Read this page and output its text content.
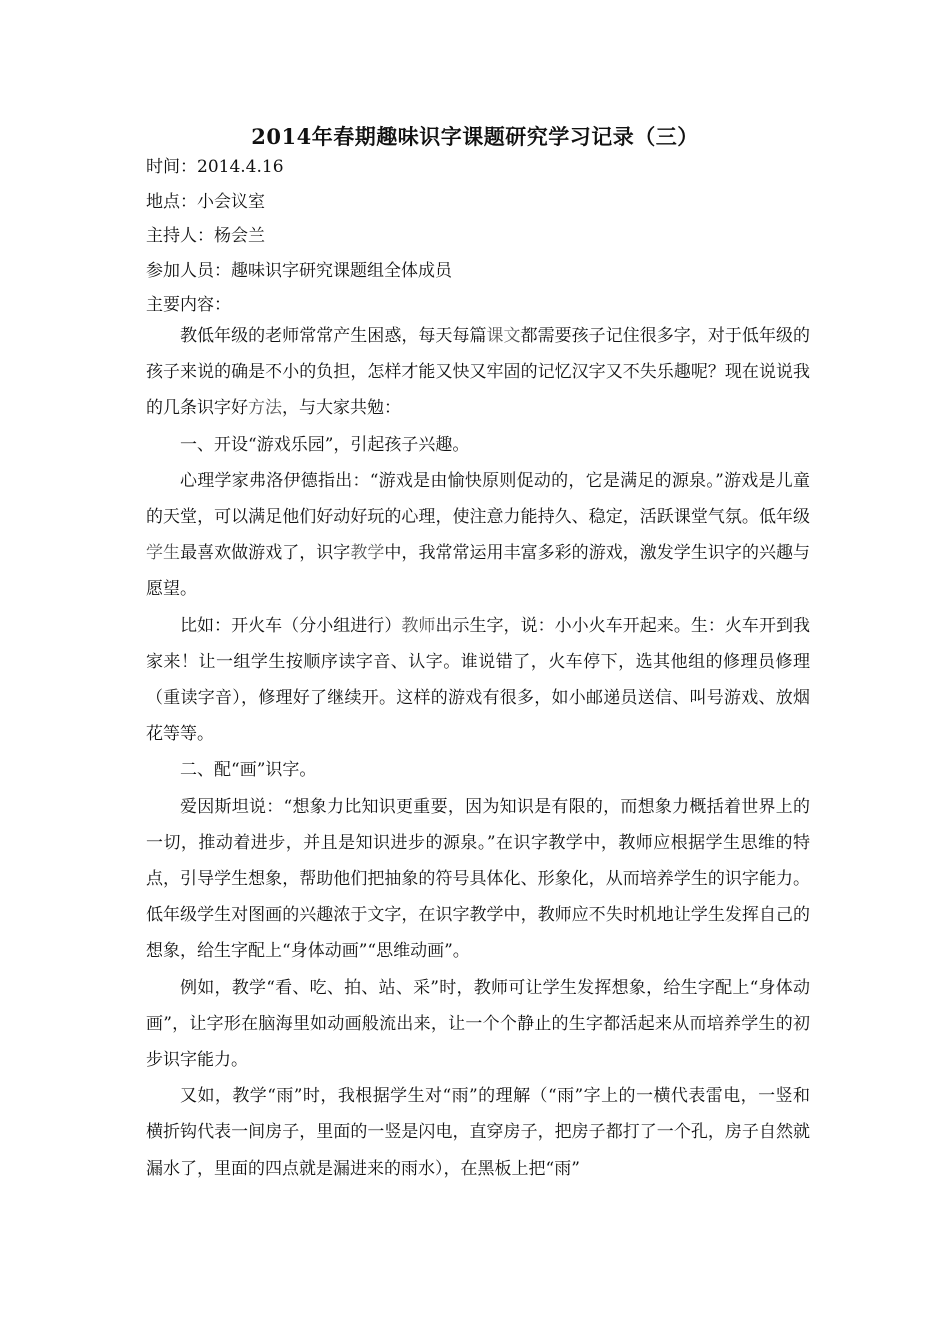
2014年春期趣味识字课题研究学习记录（三）
时间：2014.4.16
地点：小会议室
主持人：杨会兰
参加人员：趣味识字研究课题组全体成员
主要内容：

教低年级的老师常常产生困惑，每天每篇课文都需要孩子记住很多字，对于低年级的孩子来说的确是不小的负担，怎样才能又快又牢固的记忆汉字又不失乐趣呢？现在说说我的几条识字好方法，与大家共勉：

一、开设“游戏乐园”，引起孩子兴趣。

心理学家弗洛伊德指出：“游戏是由愉快原则促动的，它是满足的源泉。”游戏是儿童的天堂，可以满足他们好动好玩的心理，使注意力能持久、稳定，活跃课堂气氛。低年级学生最喜欢做游戏了，识字教学中，我常常运用丰富多彩的游戏，激发学生识字的兴趣与愿望。

比如：开火车（分小组进行）教师出示生字，说：小小火车开起来。生：火车开到我家来！让一组学生按顺序读字音、认字。谁说错了，火车停下，选其他组的修理员修理（重读字音），修理好了继续开。这样的游戏有很多，如小邮递员送信、叫号游戏、放烟花等等。

二、配“画”识字。

爱因斯坦说：“想象力比知识更重要，因为知识是有限的，而想象力概括着世界上的一切，推动着进步，并且是知识进步的源泉。”在识字教学中，教师应根据学生思维的特点，引导学生想象，帮助他们把抽象的符号具体化、形象化，从而培养学生的识字能力。低年级学生对图画的兴趣浓于文字，在识字教学中，教师应不失时机地让学生发挥自己的想象，给生字配上“身体动画”“思维动画”。

例如，教学“看、吃、拍、站、采”时，教师可让学生发挥想象，给生字配上“身体动画”，让字形在脑海里如动画般流出来，让一个个静止的生字都活起来从而培养学生的初步识字能力。

又如，教学“雨”时，我根据学生对“雨”的理解（“雨”字上的一横代表雷电，一竖和横折钩代表一间房子，里面的一竖是闪电，直穿房子，把房子都打了一个孔，房子自然就漏水了，里面的四点就是漏进来的雨水），在黑板上把“雨”
